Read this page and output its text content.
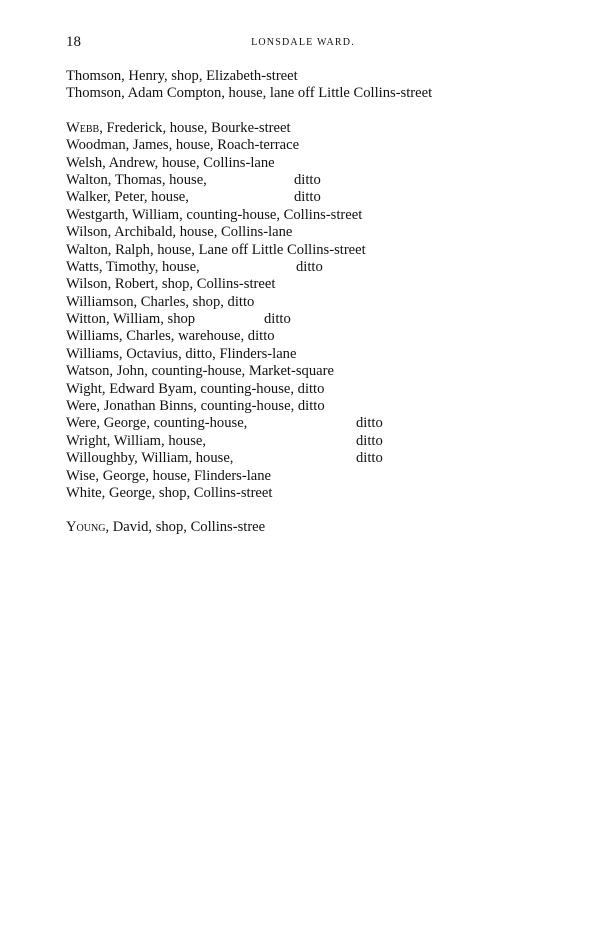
18	LONSDALE WARD.
Thomson, Henry, shop, Elizabeth-street
Thomson, Adam Compton, house, lane off Little Collins-street
Webb, Frederick, house, Bourke-street
Woodman, James, house, Roach-terrace
Welsh, Andrew, house, Collins-lane
Walton, Thomas, house,	ditto
Walker, Peter, house,	ditto
Westgarth, William, counting-house, Collins-street
Wilson, Archibald, house, Collins-lane
Walton, Ralph, house, Lane off Little Collins-street
Watts, Timothy, house,	ditto
Wilson, Robert, shop, Collins-street
Williamson, Charles, shop, ditto
Witton, William, shop	ditto
Williams, Charles, warehouse, ditto
Williams, Octavius, ditto, Flinders-lane
Watson, John, counting-house, Market-square
Wight, Edward Byam, counting-house, ditto
Were, Jonathan Binns, counting-house, ditto
Were, George, counting-house,	ditto
Wright, William, house,	ditto
Willoughby, William, house,	ditto
Wise, George, house, Flinders-lane
White, George, shop, Collins-street
Young, David, shop, Collins-stree
